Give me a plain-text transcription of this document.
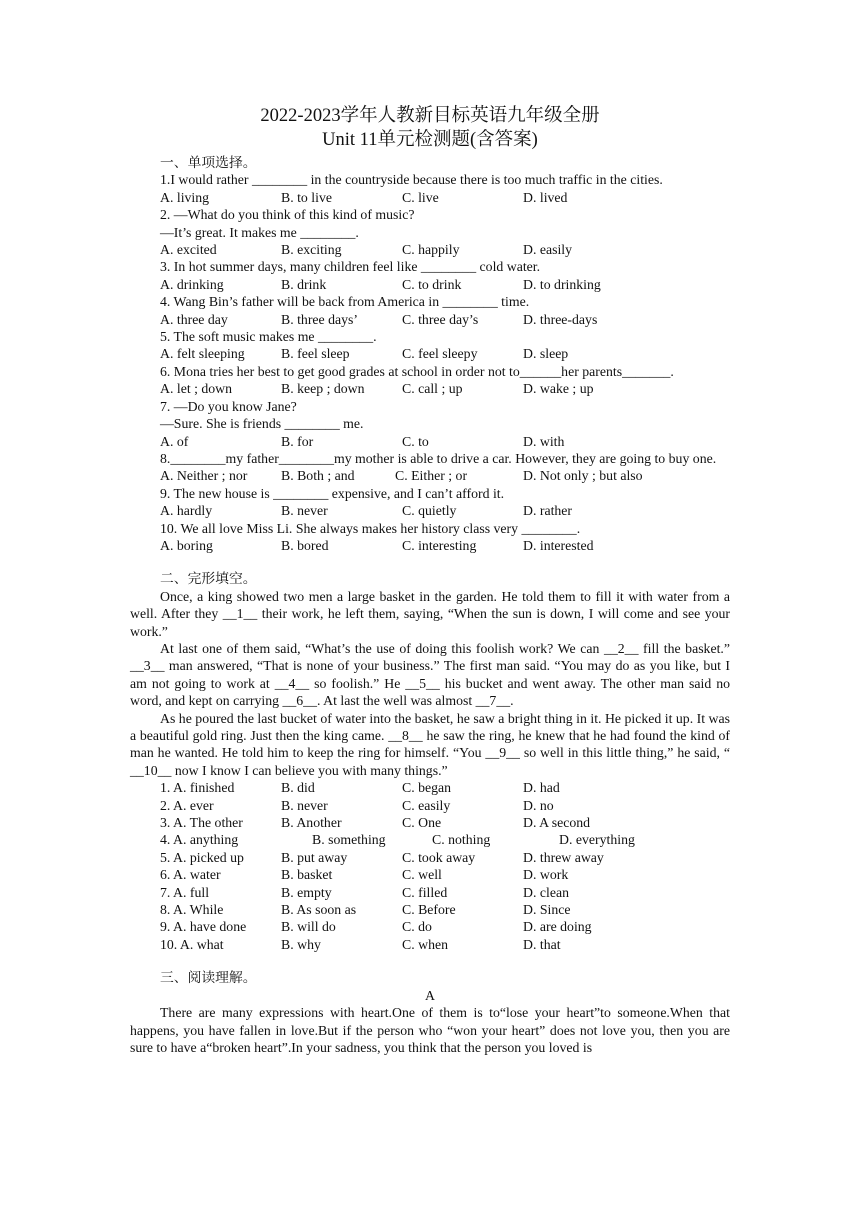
2022-2023学年人教新目标英语九年级全册

Unit 11单元检测题(含答案)

一、单项选择。
1.I would rather ________ in the countryside because there is too much traffic in the cities.
A. living	B. to live	C. live	D. lived
2. —What do you think of this kind of music?
—It’s great. It makes me ________.
A. excited	B. exciting	C. happily	D. easily
3. In hot summer days, many children feel like ________ cold water.
A. drinking	B. drink	C. to drink	D. to drinking
4. Wang Bin’s father will be back from America in ________ time.
A. three day	B. three days’	C. three day’s	D. three-days
5. The soft music makes me ________.
A. felt sleeping	B. feel sleep	C. feel sleepy	D. sleep
6. Mona tries her best to get good grades at school in order not to______her parents_______.
A. let ; down	B. keep ; down	C. call ; up	D. wake ; up
7. —Do you know Jane?
—Sure. She is friends ________ me.
A. of	B. for	C. to	D. with
8.________my father________my mother is able to drive a car. However, they are going to buy one.
A. Neither ; nor	B. Both ; and	C. Either ; or	D. Not only ; but also
9. The new house is ________ expensive, and I can’t afford it.
A. hardly	B. never	C. quietly	D. rather
10. We all love Miss Li. She always makes her history class very ________.
A. boring	B. bored	C. interesting	D. interested
二、完形填空。
Once, a king showed two men a large basket in the garden. He told them to fill it with water from a well. After they __1__ their work, he left them, saying, “When the sun is down, I will come and see your work.”
At last one of them said, “What’s the use of doing this foolish work? We can __2__ fill the basket.” __3__ man answered, “That is none of your business.” The first man said. “You may do as you like, but I am not going to work at __4__ so foolish.” He __5__ his bucket and went away. The other man said no word, and kept on carrying __6__. At last the well was almost __7__.
As he poured the last bucket of water into the basket, he saw a bright thing in it. He picked it up. It was a beautiful gold ring. Just then the king came. __8__ he saw the ring, he knew that he had found the kind of man he wanted. He told him to keep the ring for himself. “You __9__ so well in this little thing,” he said, “ __10__ now I know I can believe you with many things.”
1. A. finished	B. did	C. began	D. had
2. A. ever	B. never	C. easily	D. no
3. A. The other	B. Another	C. One	D. A second
4. A. anything	B. something	C. nothing	D. everything
5. A. picked up	B. put away	C. took away	D. threw away
6. A. water	B. basket	C. well	D. work
7. A. full	B. empty	C. filled	D. clean
8. A. While	B. As soon as	C. Before	D. Since
9. A. have done	B. will do	C. do	D. are doing
10. A. what	B. why	C. when	D. that
三、阅读理解。
A
There are many expressions with heart.One of them is to“lose your heart”to someone.When that happens, you have fallen in love.But if the person who “won your heart” does not love you, then you are sure to have a“broken heart”.In your sadness, you think that the person you loved is
